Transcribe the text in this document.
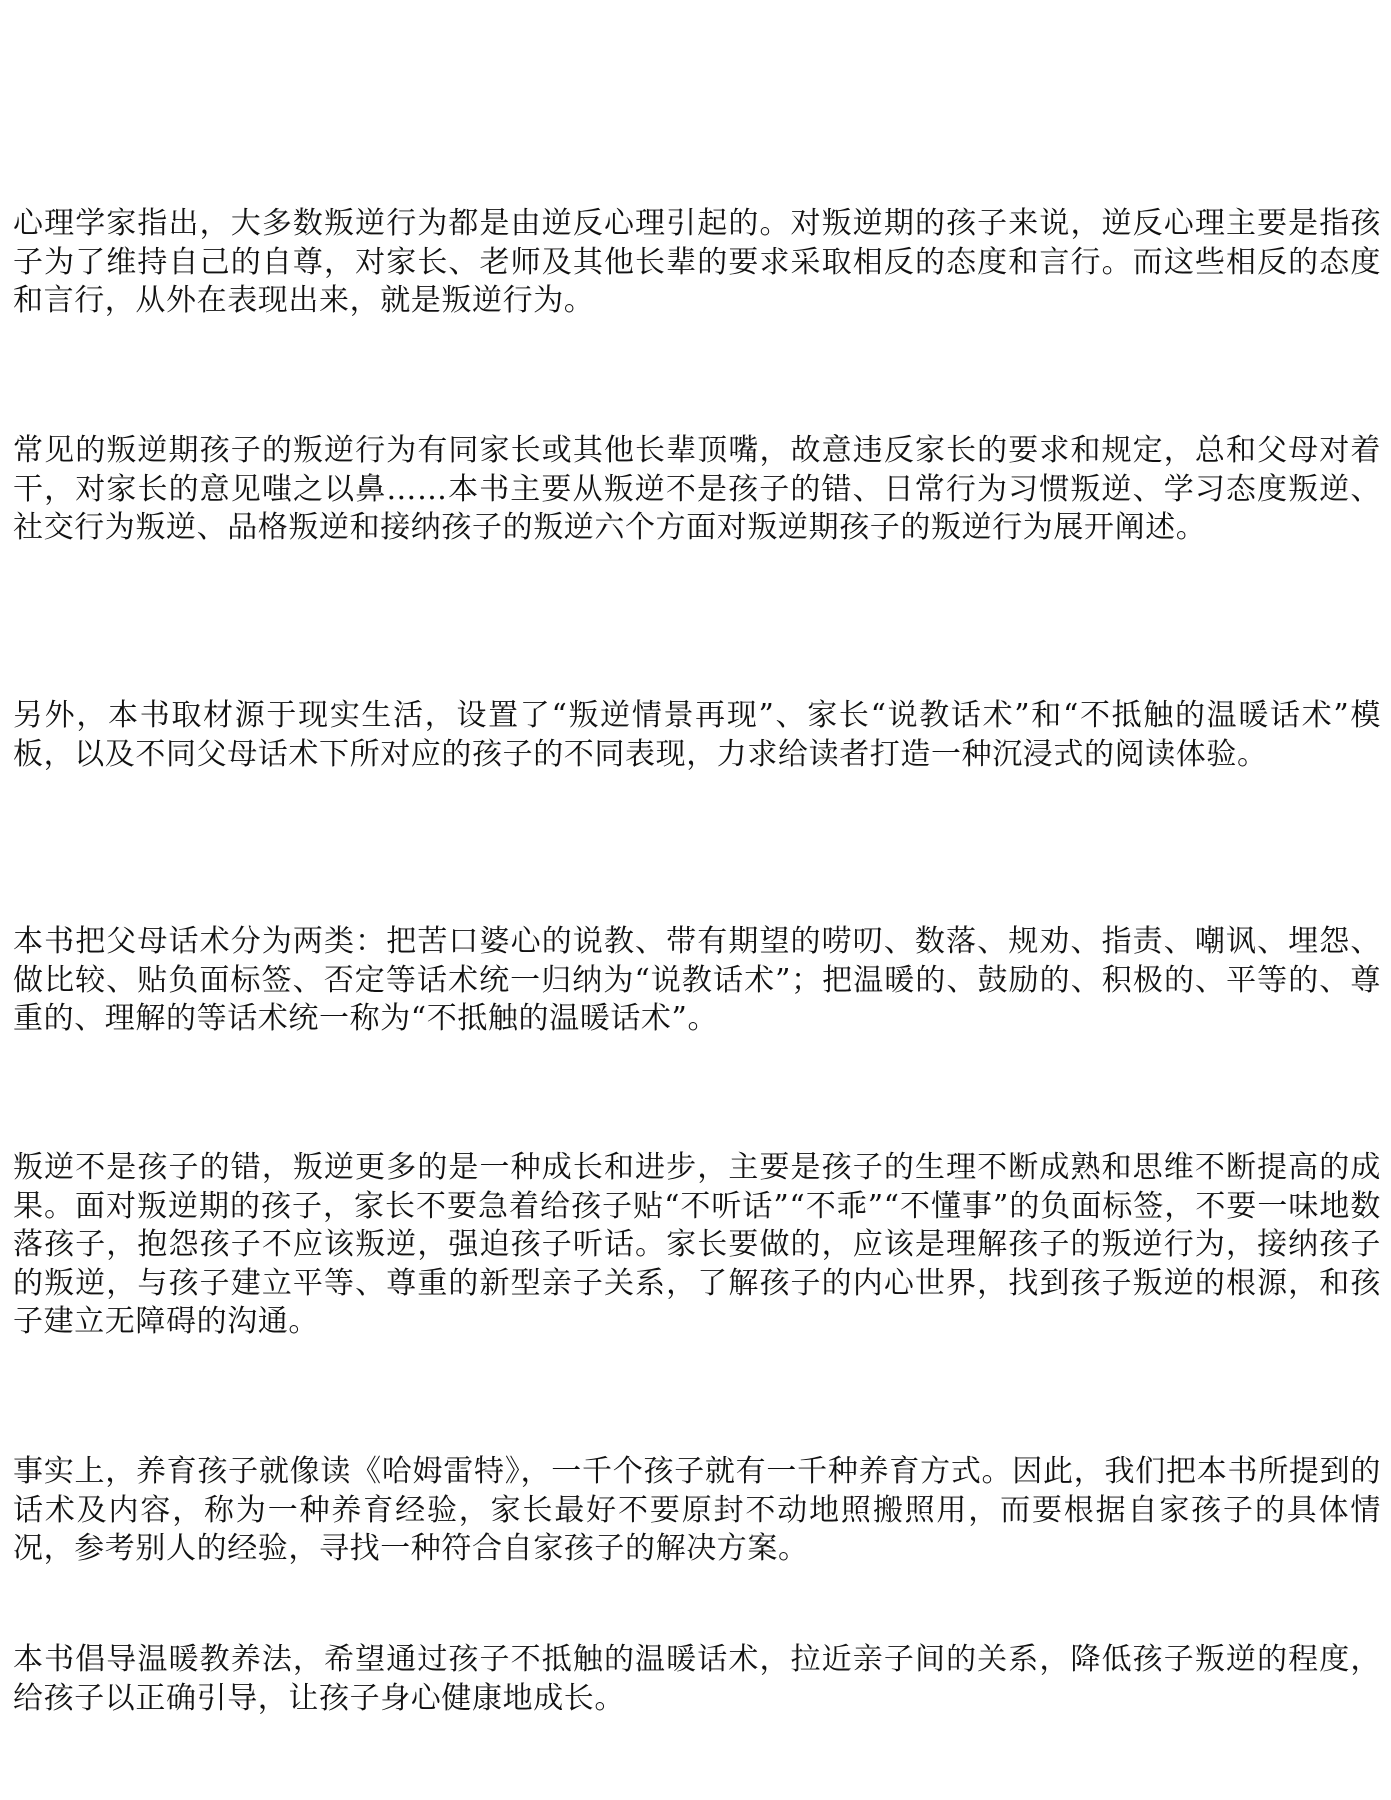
心理学家指出，大多数叛逆行为都是由逆反心理引起的。对叛逆期的孩子来说，逆反心理主要是指孩子为了维持自己的自尊，对家长、老师及其他长辈的要求采取相反的态度和言行。而这些相反的态度和言行，从外在表现出来，就是叛逆行为。

常见的叛逆期孩子的叛逆行为有同家长或其他长辈顶嘴，故意违反家长的要求和规定，总和父母对着干，对家长的意见嗤之以鼻……本书主要从叛逆不是孩子的错、日常行为习惯叛逆、学习态度叛逆、社交行为叛逆、品格叛逆和接纳孩子的叛逆六个方面对叛逆期孩子的叛逆行为展开阐述。

另外，本书取材源于现实生活，设置了“叛逆情景再现”、家长“说教话术”和“不抵触的温暖话术”模板，以及不同父母话术下所对应的孩子的不同表现，力求给读者打造一种沉浸式的阅读体验。

本书把父母话术分为两类：把苦口婆心的说教、带有期望的唠叨、数落、规劝、指责、嘲讽、埋怨、做比较、贴负面标签、否定等话术统一归纳为“说教话术”；把温暖的、鼓励的、积极的、平等的、尊重的、理解的等话术统一称为“不抵触的温暖话术”。

叛逆不是孩子的错，叛逆更多的是一种成长和进步，主要是孩子的生理不断成熟和思维不断提高的成果。面对叛逆期的孩子，家长不要急着给孩子贴“不听话”“不乖”“不懂事”的负面标签，不要一味地数落孩子，抱怨孩子不应该叛逆，强迫孩子听话。家长要做的，应该是理解孩子的叛逆行为，接纳孩子的叛逆，与孩子建立平等、尊重的新型亲子关系，了解孩子的内心世界，找到孩子叛逆的根源，和孩子建立无障碍的沟通。

事实上，养育孩子就像读《哈姆雷特》，一千个孩子就有一千种养育方式。因此，我们把本书所提到的话术及内容，称为一种养育经验，家长最好不要原封不动地照搬照用，而要根据自家孩子的具体情况，参考别人的经验，寻找一种符合自家孩子的解决方案。

本书倡导温暖教养法，希望通过孩子不抵触的温暖话术，拉近亲子间的关系，降低孩子叛逆的程度，给孩子以正确引导，让孩子身心健康地成长。
